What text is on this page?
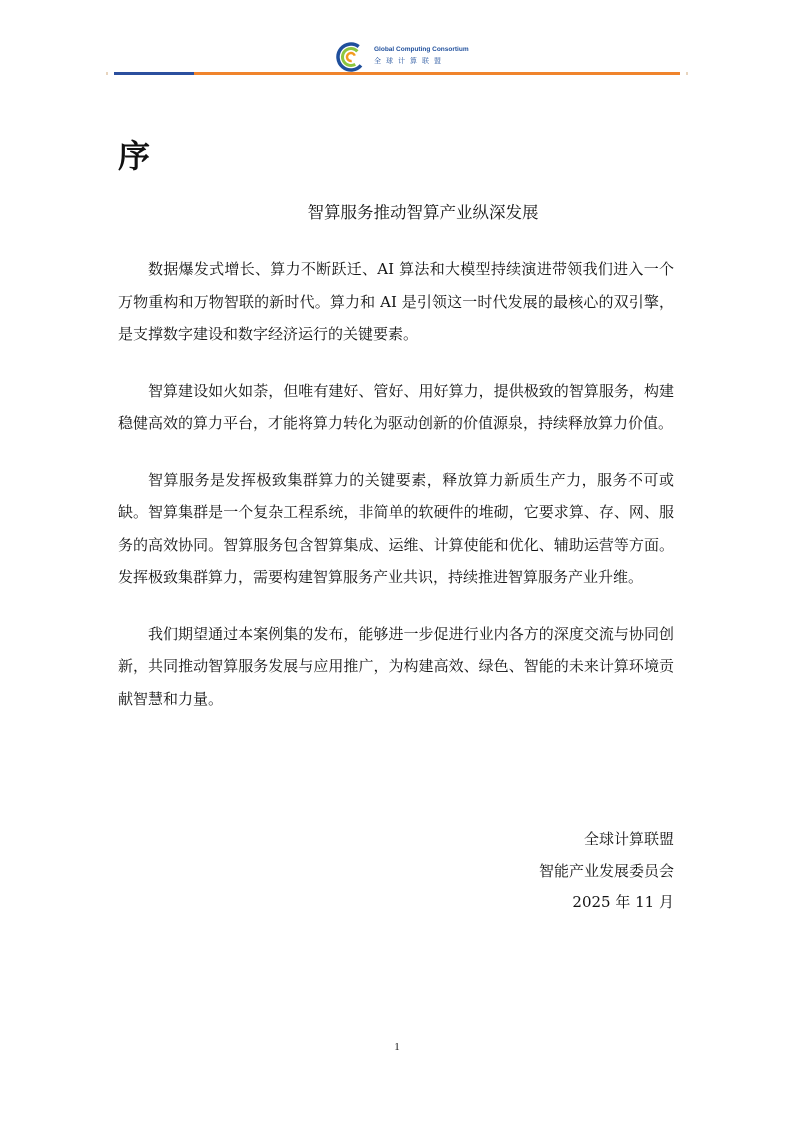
Global Computing Consortium
全球计算联盟
序
智算服务推动智算产业纵深发展

数据爆发式增长、算力不断跃迁、AI 算法和大模型持续演进带领我们进入一个万物重构和万物智联的新时代。算力和 AI 是引领这一时代发展的最核心的双引擎，是支撑数字建设和数字经济运行的关键要素。

智算建设如火如荼，但唯有建好、管好、用好算力，提供极致的智算服务，构建稳健高效的算力平台，才能将算力转化为驱动创新的价值源泉，持续释放算力价值。

智算服务是发挥极致集群算力的关键要素，释放算力新质生产力，服务不可或缺。智算集群是一个复杂工程系统，非简单的软硬件的堆砌，它要求算、存、网、服务的高效协同。智算服务包含智算集成、运维、计算使能和优化、辅助运营等方面。发挥极致集群算力，需要构建智算服务产业共识，持续推进智算服务产业升维。

我们期望通过本案例集的发布，能够进一步促进行业内各方的深度交流与协同创新，共同推动智算服务发展与应用推广，为构建高效、绿色、智能的未来计算环境贡献智慧和力量。

全球计算联盟
智能产业发展委员会
2025 年 11 月
1
